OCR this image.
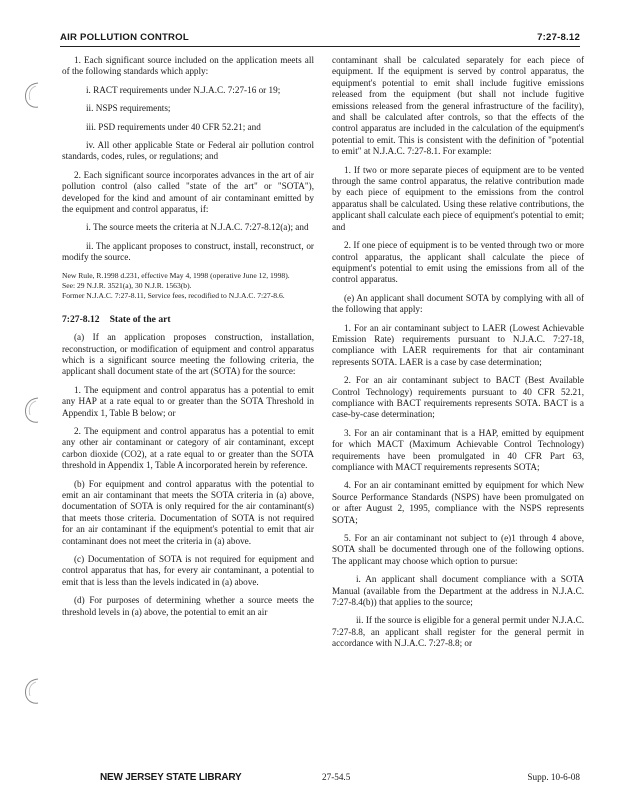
AIR POLLUTION CONTROL	7:27-8.12

1. Each significant source included on the application meets all of the following standards which apply:

i. RACT requirements under N.J.A.C. 7:27-16 or 19;

ii. NSPS requirements;

iii. PSD requirements under 40 CFR 52.21; and

iv. All other applicable State or Federal air pollution control standards, codes, rules, or regulations; and

2. Each significant source incorporates advances in the art of air pollution control (also called "state of the art" or "SOTA"), developed for the kind and amount of air contaminant emitted by the equipment and control apparatus, if:

i. The source meets the criteria at N.J.A.C. 7:27-8.12(a); and

ii. The applicant proposes to construct, install, reconstruct, or modify the source.

New Rule, R.1998 d.231, effective May 4, 1998 (operative June 12, 1998).

See: 29 N.J.R. 3521(a), 30 N.J.R. 1563(b).

Former N.J.A.C. 7:27-8.11, Service fees, recodified to N.J.A.C. 7:27-8.6.

7:27-8.12 State of the art

(a) If an application proposes construction, installation, reconstruction, or modification of equipment and control apparatus which is a significant source meeting the following criteria, the applicant shall document state of the art (SOTA) for the source:

1. The equipment and control apparatus has a potential to emit any HAP at a rate equal to or greater than the SOTA Threshold in Appendix 1, Table B below; or

2. The equipment and control apparatus has a potential to emit any other air contaminant or category of air contaminant, except carbon dioxide (CO2), at a rate equal to or greater than the SOTA threshold in Appendix 1, Table A incorporated herein by reference.

(b) For equipment and control apparatus with the potential to emit an air contaminant that meets the SOTA criteria in (a) above, documentation of SOTA is only required for the air contaminant(s) that meets those criteria. Documentation of SOTA is not required for an air contaminant if the equipment's potential to emit that air contaminant does not meet the criteria in (a) above.

(c) Documentation of SOTA is not required for equipment and control apparatus that has, for every air contaminant, a potential to emit that is less than the levels indicated in (a) above.

(d) For purposes of determining whether a source meets the threshold levels in (a) above, the potential to emit an air

contaminant shall be calculated separately for each piece of equipment. If the equipment is served by control apparatus, the equipment's potential to emit shall include fugitive emissions released from the equipment (but shall not include fugitive emissions released from the general infrastructure of the facility), and shall be calculated after controls, so that the effects of the control apparatus are included in the calculation of the equipment's potential to emit. This is consistent with the definition of "potential to emit" at N.J.A.C. 7:27-8.1. For example:

1. If two or more separate pieces of equipment are to be vented through the same control apparatus, the relative contribution made by each piece of equipment to the emissions from the control apparatus shall be calculated. Using these relative contributions, the applicant shall calculate each piece of equipment's potential to emit; and

2. If one piece of equipment is to be vented through two or more control apparatus, the applicant shall calculate the piece of equipment's potential to emit using the emissions from all of the control apparatus.

(e) An applicant shall document SOTA by complying with all of the following that apply:

1. For an air contaminant subject to LAER (Lowest Achievable Emission Rate) requirements pursuant to N.J.A.C. 7:27-18, compliance with LAER requirements for that air contaminant represents SOTA. LAER is a case by case determination;

2. For an air contaminant subject to BACT (Best Available Control Technology) requirements pursuant to 40 CFR 52.21, compliance with BACT requirements represents SOTA. BACT is a case-by-case determination;

3. For an air contaminant that is a HAP, emitted by equipment for which MACT (Maximum Achievable Control Technology) requirements have been promulgated in 40 CFR Part 63, compliance with MACT requirements represents SOTA;

4. For an air contaminant emitted by equipment for which New Source Performance Standards (NSPS) have been promulgated on or after August 2, 1995, compliance with the NSPS represents SOTA;

5. For an air contaminant not subject to (e)1 through 4 above, SOTA shall be documented through one of the following options. The applicant may choose which option to pursue:

i. An applicant shall document compliance with a SOTA Manual (available from the Department at the address in N.J.A.C. 7:27-8.4(b)) that applies to the source;

ii. If the source is eligible for a general permit under N.J.A.C. 7:27-8.8, an applicant shall register for the general permit in accordance with N.J.A.C. 7:27-8.8; or

NEW JERSEY STATE LIBRARY	27-54.5	Supp. 10-6-08
